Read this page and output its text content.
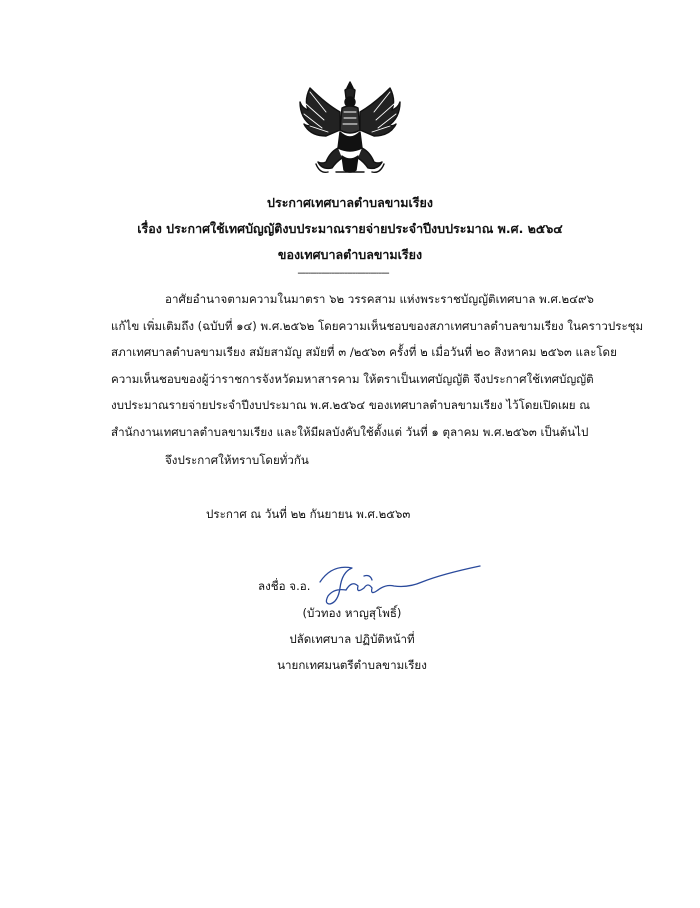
ประกาศเทศบาลตำบลขามเรียง
เรื่อง ประกาศใช้เทศบัญญัติงบประมาณรายจ่ายประจำปีงบประมาณ พ.ศ. ๒๕๖๔
ของเทศบาลตำบลขามเรียง
-----------------------------------
อาศัยอำนาจตามความในมาตรา ๖๒ วรรคสาม แห่งพระราชบัญญัติเทศบาล พ.ศ.๒๔๙๖
แก้ไข เพิ่มเติมถึง (ฉบับที่ ๑๔) พ.ศ.๒๕๖๒ โดยความเห็นชอบของสภาเทศบาลตำบลขามเรียง ในคราวประชุม
สภาเทศบาลตำบลขามเรียง สมัยสามัญ สมัยที่ ๓ /๒๕๖๓ ครั้งที่ ๒ เมื่อวันที่ ๒๐ สิงหาคม ๒๕๖๓ และโดย
ความเห็นชอบของผู้ว่าราชการจังหวัดมหาสารคาม ให้ตราเป็นเทศบัญญัติ จึงประกาศใช้เทศบัญญัติ
งบประมาณรายจ่ายประจำปีงบประมาณ พ.ศ.๒๕๖๔ ของเทศบาลตำบลขามเรียง ไว้โดยเปิดเผย ณ
สำนักงานเทศบาลตำบลขามเรียง และให้มีผลบังคับใช้ตั้งแต่ วันที่ ๑ ตุลาคม พ.ศ.๒๕๖๓ เป็นต้นไป
จึงประกาศให้ทราบโดยทั่วกัน
ประกาศ ณ วันที่ ๒๒ กันยายน พ.ศ.๒๕๖๓
ลงชื่อ จ.อ.
(บัวทอง หาญสุโพธิ์)
ปลัดเทศบาล ปฏิบัติหน้าที่
นายกเทศมนตรีตำบลขามเรียง
